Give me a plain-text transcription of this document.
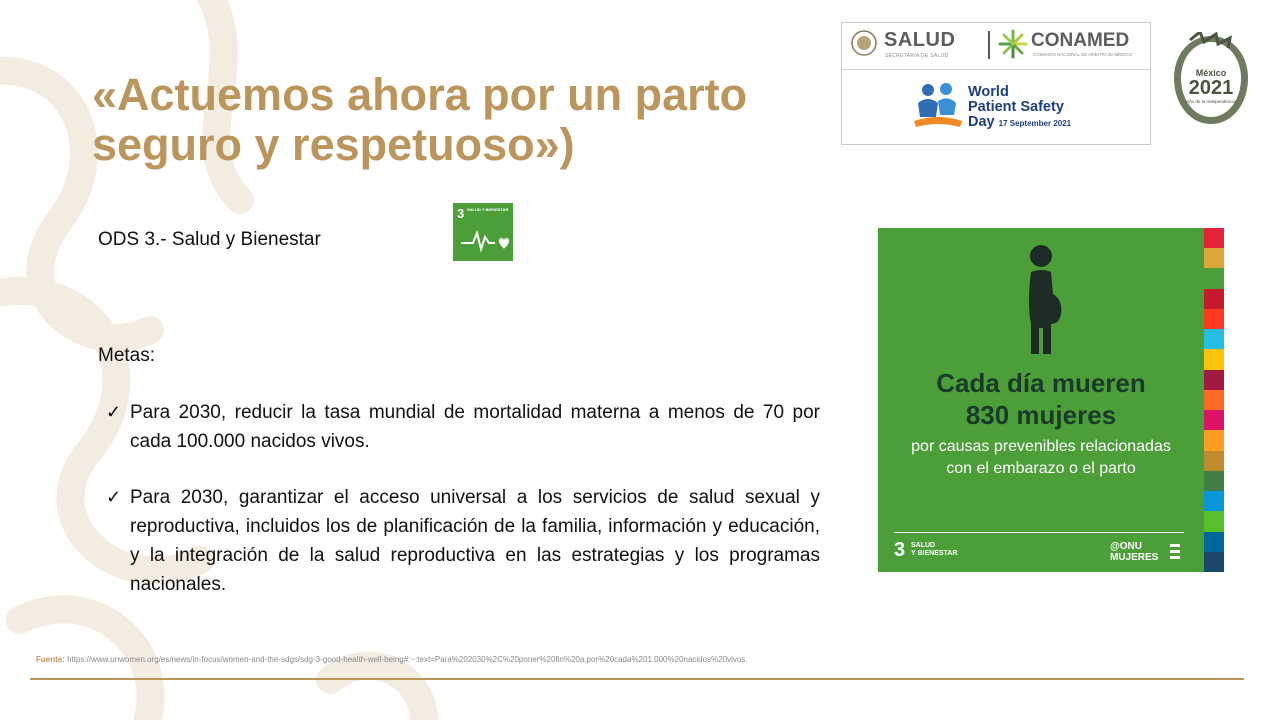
«Actuemos ahora por un parto seguro y respetuoso»)
SALUD
SECRETARÍA DE SALUD
CONAMED
COMISIÓN NACIONAL DE ARBITRAJE MÉDICO
World
Patient Safety
Day 17 September 2021
México
2021
Año de la Independencia
ODS 3.- Salud y Bienestar
3 SALUD Y BIENESTAR
Metas:
✓ Para 2030, reducir la tasa mundial de mortalidad materna a menos de 70 por cada 100.000 nacidos vivos.
✓ Para 2030, garantizar el acceso universal a los servicios de salud sexual y reproductiva, incluidos los de planificación de la familia, información y educación, y la integración de la salud reproductiva en las estrategias y los programas nacionales.
Cada día mueren
830 mujeres
por causas prevenibles relacionadas
con el embarazo o el parto
3 SALUD
Y BIENESTAR
@ONU
MUJERES
Fuente: https://www.unwomen.org/es/news/in-focus/women-and-the-sdgs/sdg-3-good-health-well-being#:~:text=Para%202030%2C%20poner%20fin%20a,por%20cada%201.000%20nacidos%20vivos.
